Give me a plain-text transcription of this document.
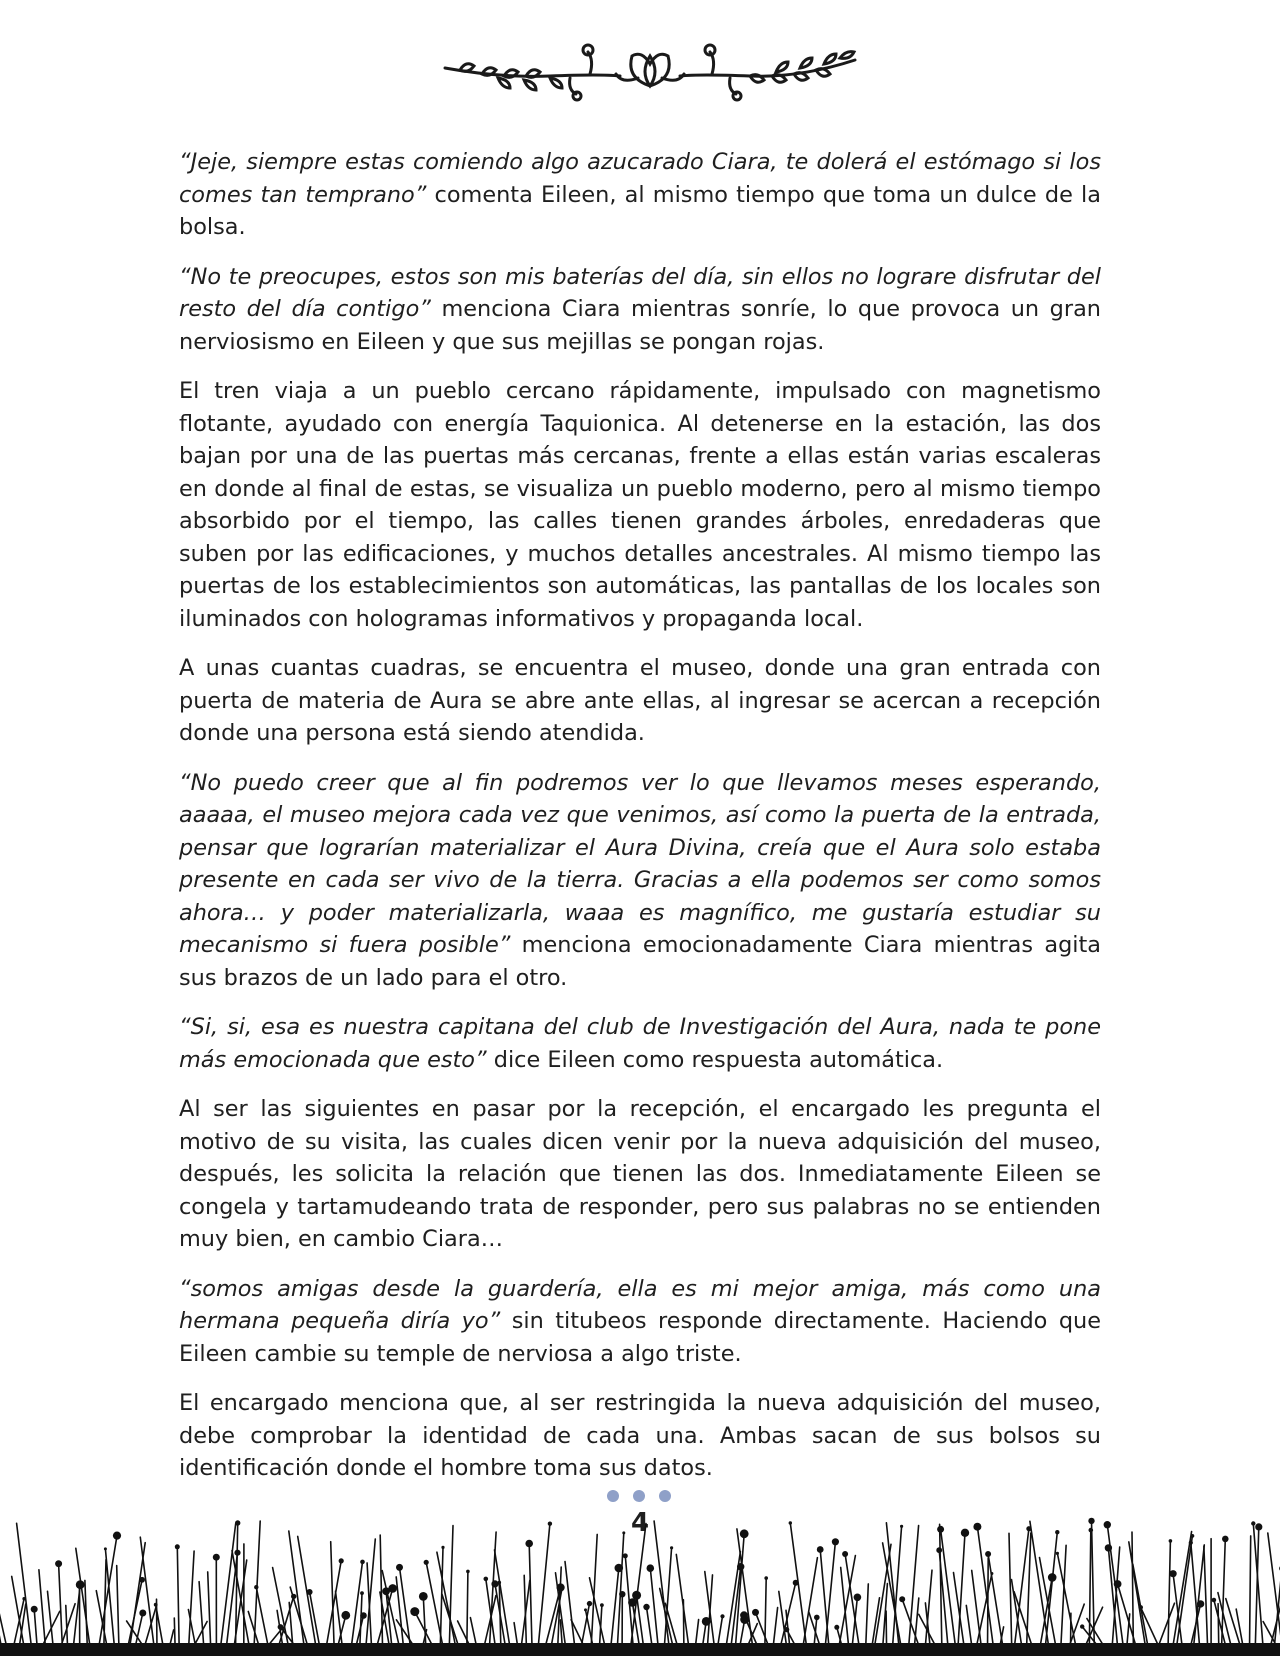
“Jeje, siempre estas comiendo algo azucarado Ciara, te dolerá el estómago si los comes tan temprano” comenta Eileen, al mismo tiempo que toma un dulce de la bolsa.

“No te preocupes, estos son mis baterías del día, sin ellos no lograre disfrutar del resto del día contigo” menciona Ciara mientras sonríe, lo que provoca un gran nerviosismo en Eileen y que sus mejillas se pongan rojas.

El tren viaja a un pueblo cercano rápidamente, impulsado con magnetismo flotante, ayudado con energía Taquionica. Al detenerse en la estación, las dos bajan por una de las puertas más cercanas, frente a ellas están varias escaleras en donde al final de estas, se visualiza un pueblo moderno, pero al mismo tiempo absorbido por el tiempo, las calles tienen grandes árboles, enredaderas que suben por las edificaciones, y muchos detalles ancestrales. Al mismo tiempo las puertas de los establecimientos son automáticas, las pantallas de los locales son iluminados con hologramas informativos y propaganda local.

A unas cuantas cuadras, se encuentra el museo, donde una gran entrada con puerta de materia de Aura se abre ante ellas, al ingresar se acercan a recepción donde una persona está siendo atendida.

“No puedo creer que al fin podremos ver lo que llevamos meses esperando, aaaaa, el museo mejora cada vez que venimos, así como la puerta de la entrada, pensar que lograrían materializar el Aura Divina, creía que el Aura solo estaba presente en cada ser vivo de la tierra. Gracias a ella podemos ser como somos ahora… y poder materializarla, waaa es magnífico, me gustaría estudiar su mecanismo si fuera posible” menciona emocionadamente Ciara mientras agita sus brazos de un lado para el otro.

“Si, si, esa es nuestra capitana del club de Investigación del Aura, nada te pone más emocionada que esto” dice Eileen como respuesta automática.

Al ser las siguientes en pasar por la recepción, el encargado les pregunta el motivo de su visita, las cuales dicen venir por la nueva adquisición del museo, después, les solicita la relación que tienen las dos. Inmediatamente Eileen se congela y tartamudeando trata de responder, pero sus palabras no se entienden muy bien, en cambio Ciara…

“somos amigas desde la guardería, ella es mi mejor amiga, más como una hermana pequeña diría yo” sin titubeos responde directamente. Haciendo que Eileen cambie su temple de nerviosa a algo triste.

El encargado menciona que, al ser restringida la nueva adquisición del museo, debe comprobar la identidad de cada una. Ambas sacan de sus bolsos su identificación donde el hombre toma sus datos.

4
